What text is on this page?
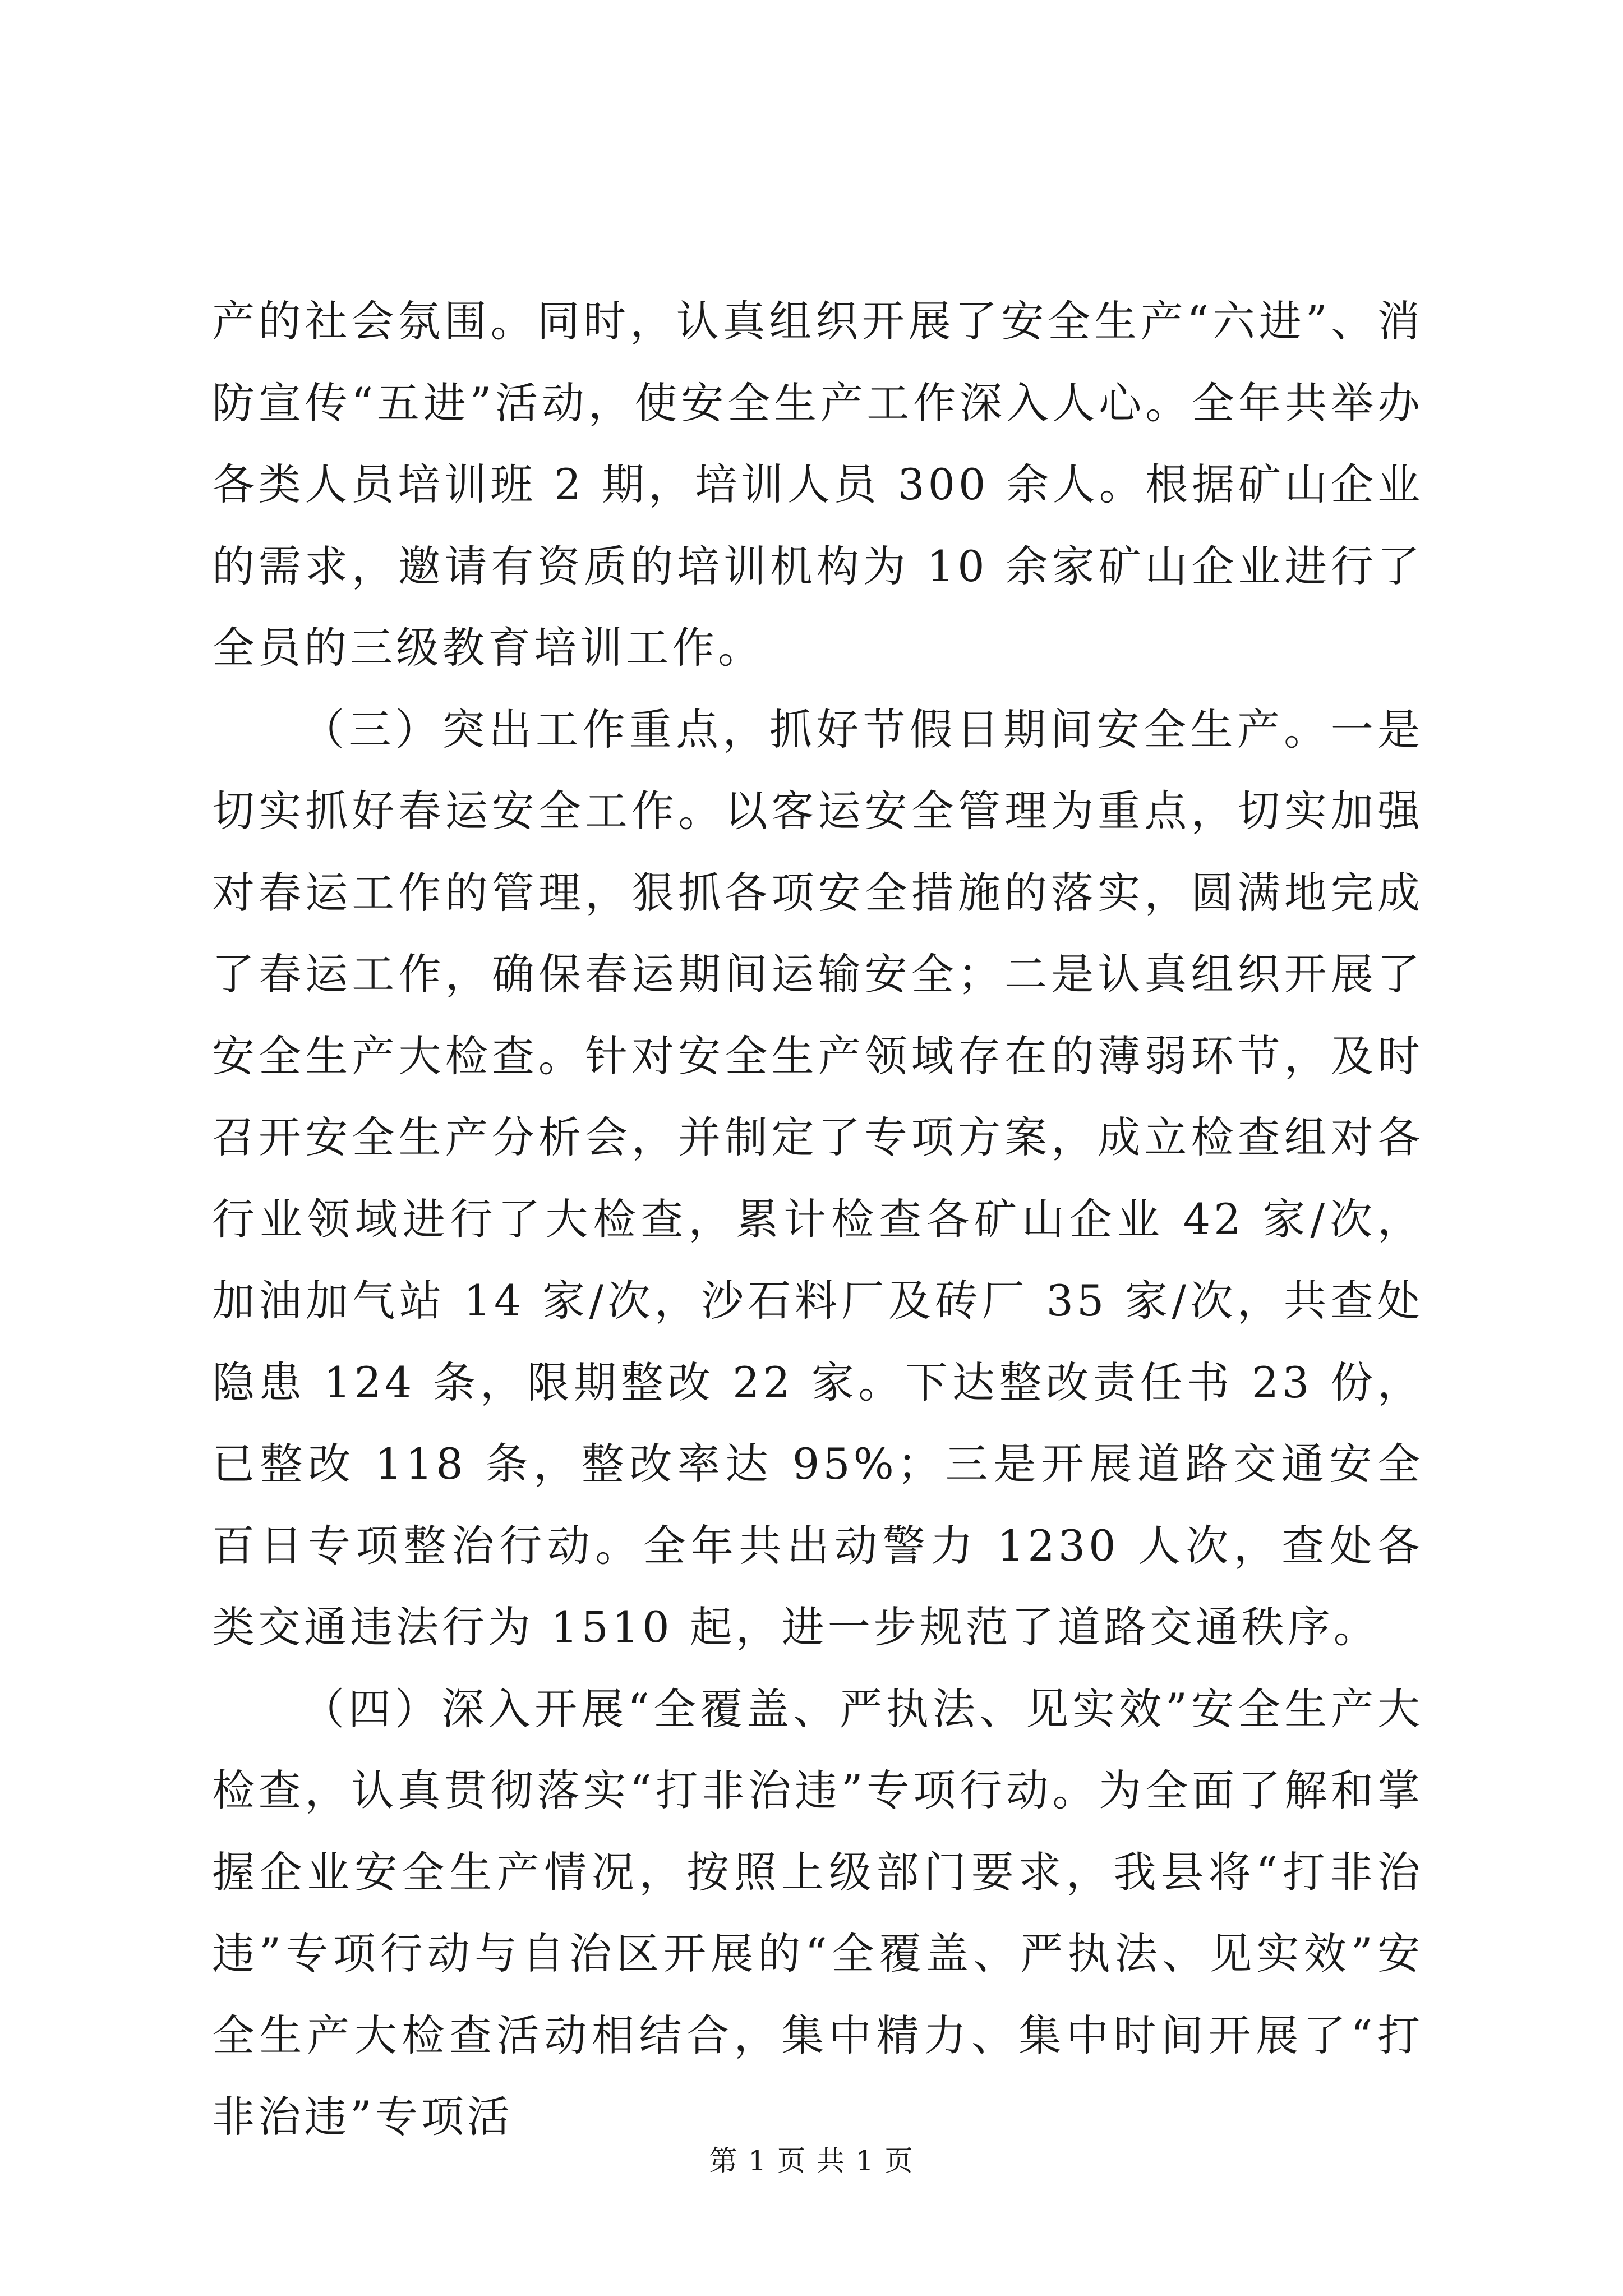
产的社会氛围。同时，认真组织开展了安全生产“六进”、消防宣传“五进”活动，使安全生产工作深入人心。全年共举办各类人员培训班 2 期，培训人员 300 余人。根据矿山企业的需求，邀请有资质的培训机构为 10 余家矿山企业进行了全员的三级教育培训工作。

（三）突出工作重点，抓好节假日期间安全生产。一是切实抓好春运安全工作。以客运安全管理为重点，切实加强对春运工作的管理，狠抓各项安全措施的落实，圆满地完成了春运工作，确保春运期间运输安全；二是认真组织开展了安全生产大检查。针对安全生产领域存在的薄弱环节，及时召开安全生产分析会，并制定了专项方案，成立检查组对各行业领域进行了大检查，累计检查各矿山企业 42 家/次，加油加气站 14 家/次，沙石料厂及砖厂 35 家/次，共查处隐患 124 条，限期整改 22 家。下达整改责任书 23 份，已整改 118 条，整改率达 95%；三是开展道路交通安全百日专项整治行动。全年共出动警力 1230 人次，查处各类交通违法行为 1510 起，进一步规范了道路交通秩序。

（四）深入开展“全覆盖、严执法、见实效”安全生产大检查，认真贯彻落实“打非治违”专项行动。为全面了解和掌握企业安全生产情况，按照上级部门要求，我县将“打非治违”专项行动与自治区开展的“全覆盖、严执法、见实效”安全生产大检查活动相结合，集中精力、集中时间开展了“打非治违”专项活

第 1 页 共 1 页
